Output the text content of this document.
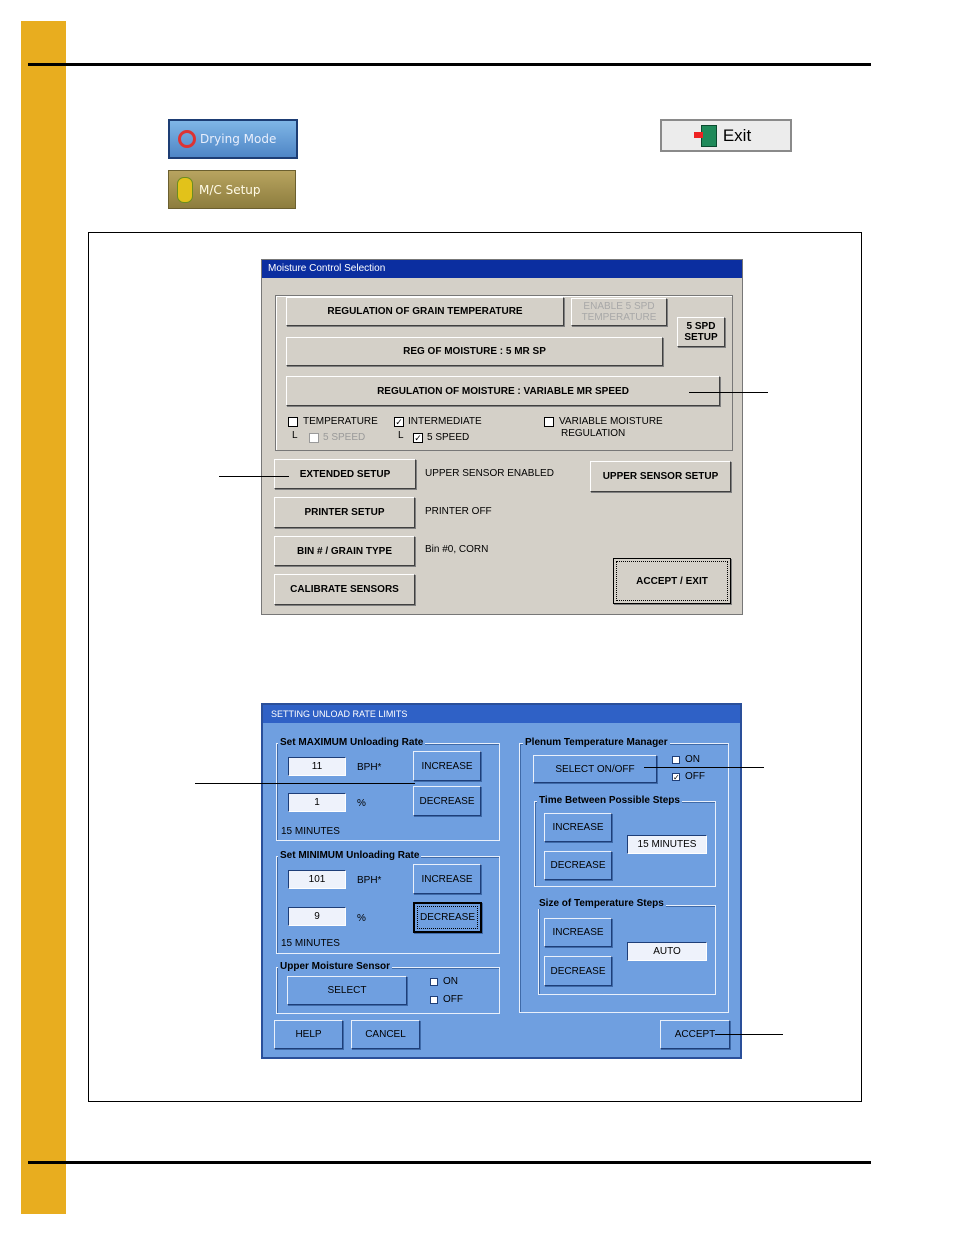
Drying Mode
M/C Setup
Exit
Moisture Control Selection
REGULATION OF GRAIN TEMPERATURE	ENABLE 5 SPD
TEMPERATURE
5 SPD
SETUP
REG OF MOISTURE : 5 MR SP
REGULATION OF MOISTURE : VARIABLE MR SPEED
TEMPERATURE
L	5 SPEED
✓ INTERMEDIATE
L ✓ 5 SPEED
VARIABLE MOISTURE
REGULATION
EXTENDED SETUP	UPPER SENSOR ENABLED	UPPER SENSOR SETUP
PRINTER SETUP	PRINTER OFF
BIN # / GRAIN TYPE	Bin #0, CORN
CALIBRATE SENSORS
ACCEPT / EXIT
SETTING UNLOAD RATE LIMITS
Set MAXIMUM Unloading Rate
11	BPH*	INCREASE
1	%	DECREASE
15 MINUTES
Set MINIMUM Unloading Rate
101	BPH*	INCREASE
9	%	DECREASE
15 MINUTES
Upper Moisture Sensor
SELECT
ON
OFF
Plenum Temperature Manager
SELECT ON/OFF
ON
✓ OFF
Time Between Possible Steps
INCREASE
15 MINUTES
DECREASE
Size of Temperature Steps
INCREASE
AUTO
DECREASE
HELP	CANCEL	ACCEPT
